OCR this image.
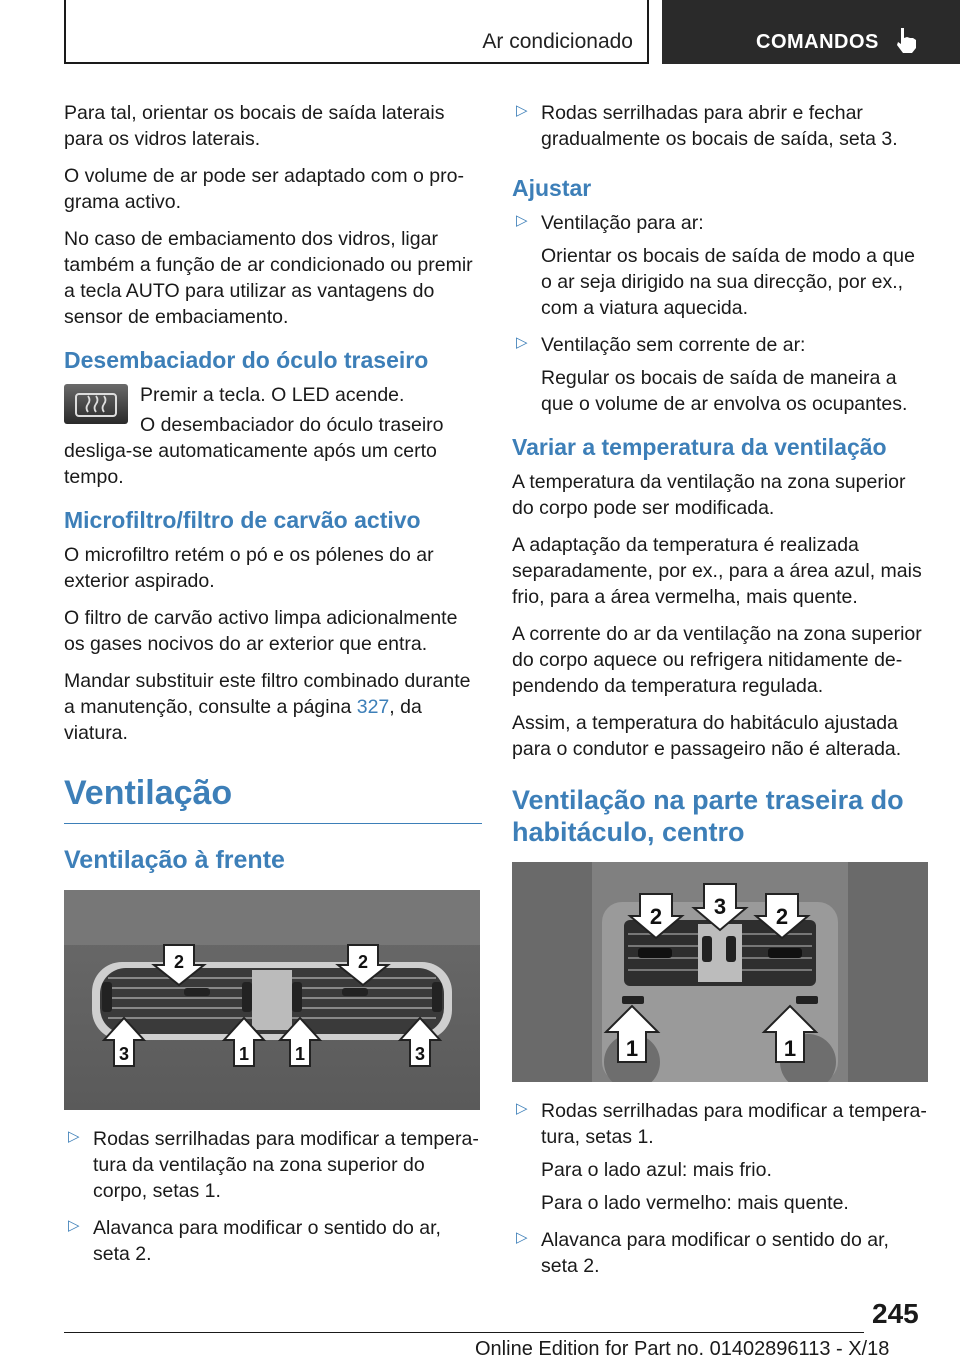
Ar condicionado	COMANDOS

Para tal, orientar os bocais de saída laterais para os vidros laterais.

O volume de ar pode ser adaptado com o programa activo.

No caso de embaciamento dos vidros, ligar também a função de ar condicionado ou premir a tecla AUTO para utilizar as vantagens do sensor de embaciamento.

Desembaciador do óculo traseiro

Premir a tecla. O LED acende.

O desembaciador do óculo traseiro desliga-se automaticamente após um certo tempo.

Microfiltro/filtro de carvão activo

O microfiltro retém o pó e os pólenes do ar exterior aspirado.

O filtro de carvão activo limpa adicionalmente os gases nocivos do ar exterior que entra.

Mandar substituir este filtro combinado durante a manutenção, consulte a página 327, da viatura.

Ventilação
Ventilação à frente
2	2
3	3
1	1
▷ Rodas serrilhadas para modificar a temperatura da ventilação na zona superior do corpo, setas 1.

▷ Alavanca para modificar o sentido do ar, seta 2.

▷ Rodas serrilhadas para abrir e fechar gradualmente os bocais de saída, seta 3.

Ajustar
▷ Ventilação para ar:

Orientar os bocais de saída de modo a que o ar seja dirigido na sua direcção, por ex., com a viatura aquecida.

▷ Ventilação sem corrente de ar:

Regular os bocais de saída de maneira a que o volume de ar envolva os ocupantes.

Variar a temperatura da ventilação

A temperatura da ventilação na zona superior do corpo pode ser modificada.

A adaptação da temperatura é realizada separadamente, por ex., para a área azul, mais frio, para a área vermelha, mais quente.

A corrente do ar da ventilação na zona superior do corpo aquece ou refrigera nitidamente dependendo da temperatura regulada.

Assim, a temperatura do habitáculo ajustada para o condutor e passageiro não é alterada.

Ventilação na parte traseira do habitáculo, centro
2	2
3
1	1
▷ Rodas serrilhadas para modificar a temperatura, setas 1.

Para o lado azul: mais frio.

Para o lado vermelho: mais quente.

▷ Alavanca para modificar o sentido do ar, seta 2.

245
Online Edition for Part no. 01402896113 - X/18
